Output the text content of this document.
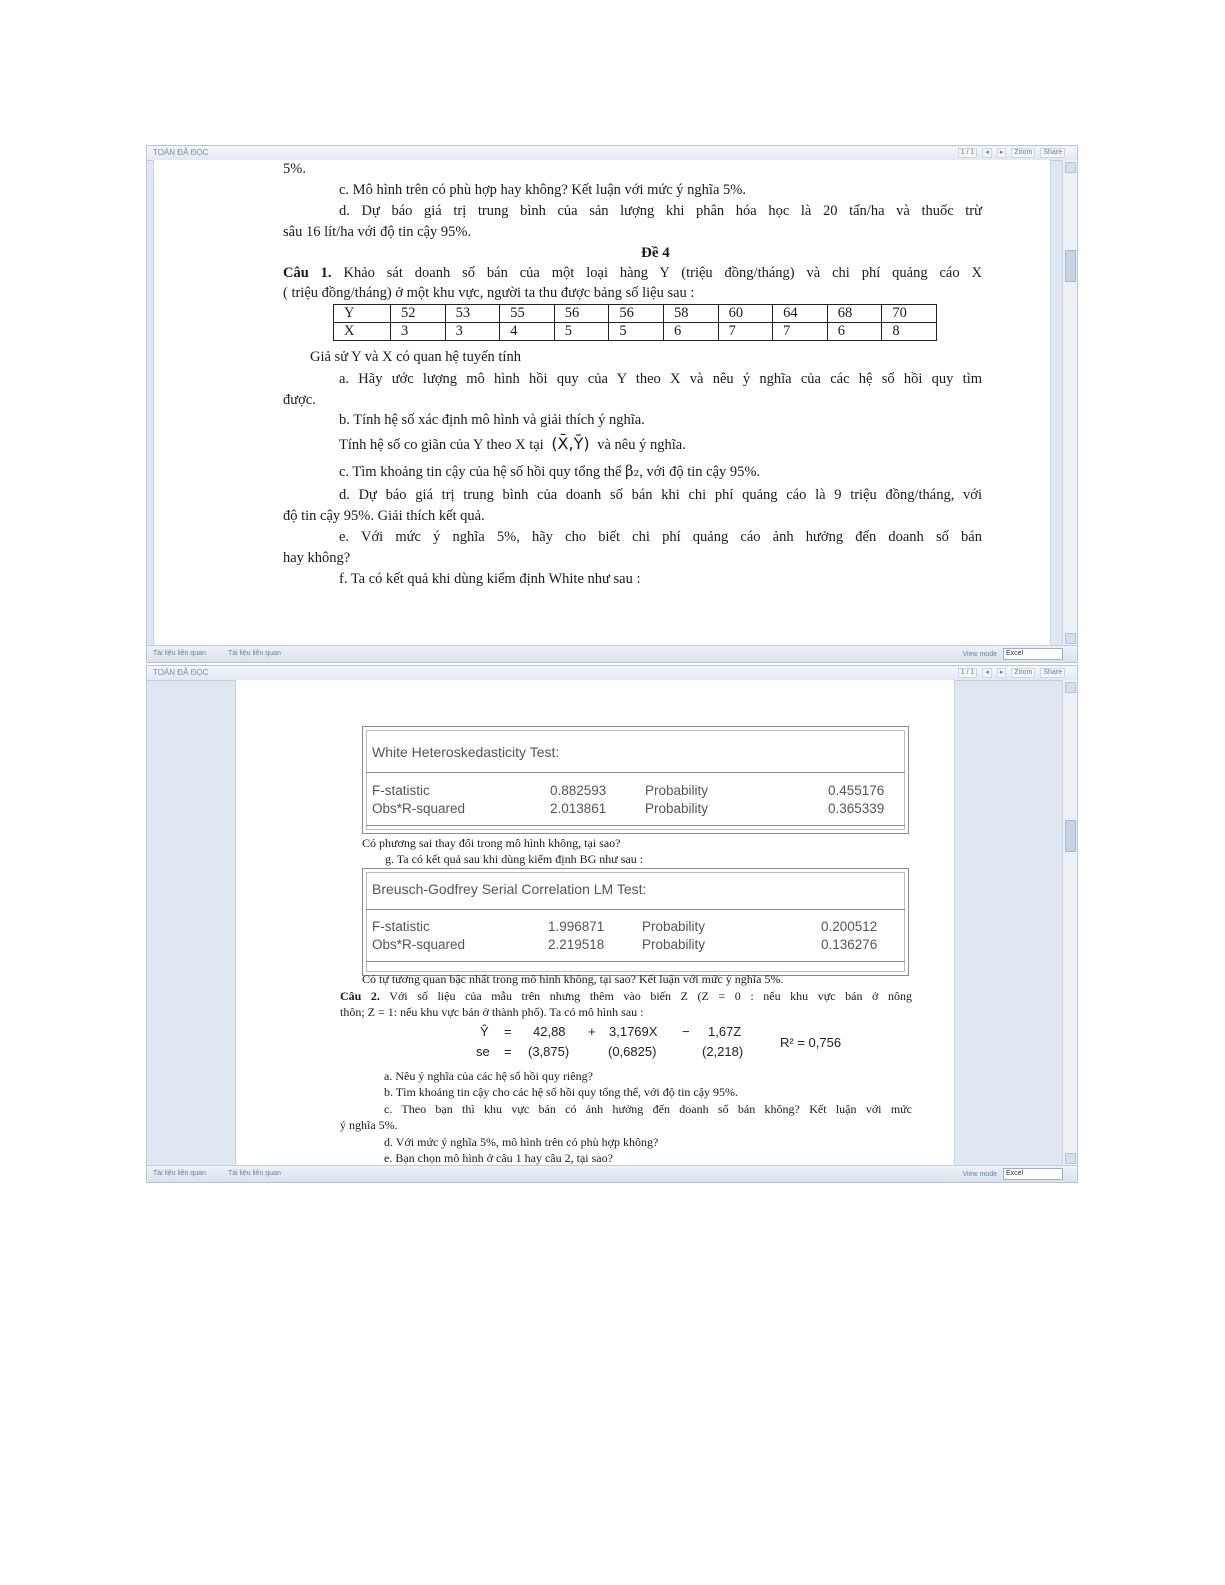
TOÁN ĐÃ ĐỌC	1 / 1	◂	▸	Zoom	Share
5%.
c. Mô hình trên có phù hợp hay không? Kết luận với mức ý nghĩa 5%.
d. Dự báo giá trị trung bình của sản lượng khi phân hóa học là 20 tấn/ha và thuốc trừ
sâu 16 lít/ha với độ tin cậy 95%.
Đề 4
Câu 1. Khảo sát doanh số bán của một loại hàng Y (triệu đồng/tháng) và chi phí quảng cáo X
( triệu đồng/tháng) ở một khu vực, người ta thu được bảng số liệu sau :
Y	52	53	55	56	56	58	60	64	68	70
X	3	3	4	5	5	6	7	7	6	8
Giả sử Y và X có quan hệ tuyến tính
a. Hãy ước lượng mô hình hồi quy của Y theo X và nêu ý nghĩa của các hệ số hồi quy tìm
được.
b. Tính hệ số xác định mô hình và giải thích ý nghĩa.
Tính hệ số co giãn của Y theo X tại (X̄,Ȳ) và nêu ý nghĩa.
c. Tìm khoảng tin cậy của hệ số hồi quy tổng thể β₂, với độ tin cậy 95%.
d. Dự báo giá trị trung bình của doanh số bán khi chi phí quảng cáo là 9 triệu đồng/tháng, với
độ tin cậy 95%. Giải thích kết quả.
e. Với mức ý nghĩa 5%, hãy cho biết chi phí quảng cáo ảnh hưởng đến doanh số bán
hay không?
f. Ta có kết quả khi dùng kiểm định White như sau :
Tài liệu liên quan	Tài liệu liên quan	View mode	Excel
TOÁN ĐÃ ĐỌC	1 / 1	◂	▸	Zoom	Share
White Heteroskedasticity Test:
F-statistic	0.882593	Probability	0.455176
Obs*R-squared	2.013861	Probability	0.365339
Có phương sai thay đổi trong mô hình không, tại sao?
g. Ta có kết quả sau khi dùng kiểm định BG như sau :
Breusch-Godfrey Serial Correlation LM Test:
F-statistic	1.996871	Probability	0.200512
Obs*R-squared	2.219518	Probability	0.136276
Có tự tương quan bậc nhất trong mô hình không, tại sao? Kết luận với mức ý nghĩa 5%.
Câu 2. Với số liệu của mẫu trên nhưng thêm vào biến Z (Z = 0 : nếu khu vực bán ở nông
thôn; Z = 1: nếu khu vực bán ở thành phố). Ta có mô hình sau :
Ŷ = 42,88 + 3,1769X − 1,67Z
se = (3,875)	(0,6825)	(2,218)
R² = 0,756
a. Nêu ý nghĩa của các hệ số hồi quy riêng?
b. Tìm khoảng tin cậy cho các hệ số hồi quy tổng thể, với độ tin cậy 95%.
c. Theo bạn thì khu vực bán có ảnh hưởng đến doanh số bán không? Kết luận với mức
ý nghĩa 5%.
d. Với mức ý nghĩa 5%, mô hình trên có phù hợp không?
e. Bạn chọn mô hình ở câu 1 hay câu 2, tại sao?
Tài liệu liên quan	Tài liệu liên quan	View mode	Excel
